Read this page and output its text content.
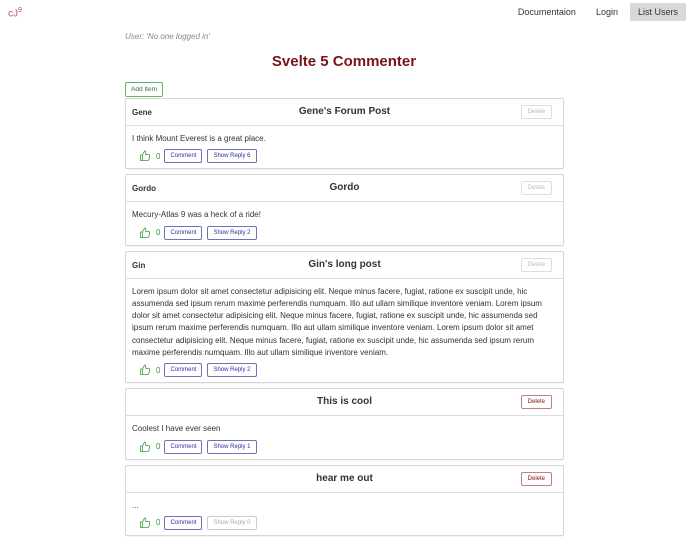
$cJ^9$	Documentaion	Login	List Users
User: 'No one logged in'
Svelte 5 Commenter
Add Item
Gene	Gene's Forum Post	Delete
I think Mount Everest is a great place.
0	Comment	Show Reply 6
Gordo	Gordo	Delete
Mecury-Atlas 9 was a heck of a ride!
0	Comment	Show Reply 2
Gin	Gin's long post	Delete
Lorem ipsum dolor sit amet consectetur adipisicing elit. Neque minus facere, fugiat, ratione ex suscipit unde, hic assumenda sed ipsum rerum maxime perferendis numquam. Illo aut ullam similique inventore veniam. Lorem ipsum dolor sit amet consectetur adipisicing elit. Neque minus facere, fugiat, ratione ex suscipit unde, hic assumenda sed ipsum rerum maxime perferendis numquam. Illo aut ullam similique inventore veniam. Lorem ipsum dolor sit amet consectetur adipisicing elit. Neque minus facere, fugiat, ratione ex suscipit unde, hic assumenda sed ipsum rerum maxime perferendis numquam. Illo aut ullam similique inventore veniam.
0	Comment	Show Reply 2
This is cool	Delete
Coolest I have ever seen
0	Comment	Show Reply 1
hear me out	Delete
...
0	Comment	Show Reply 0
